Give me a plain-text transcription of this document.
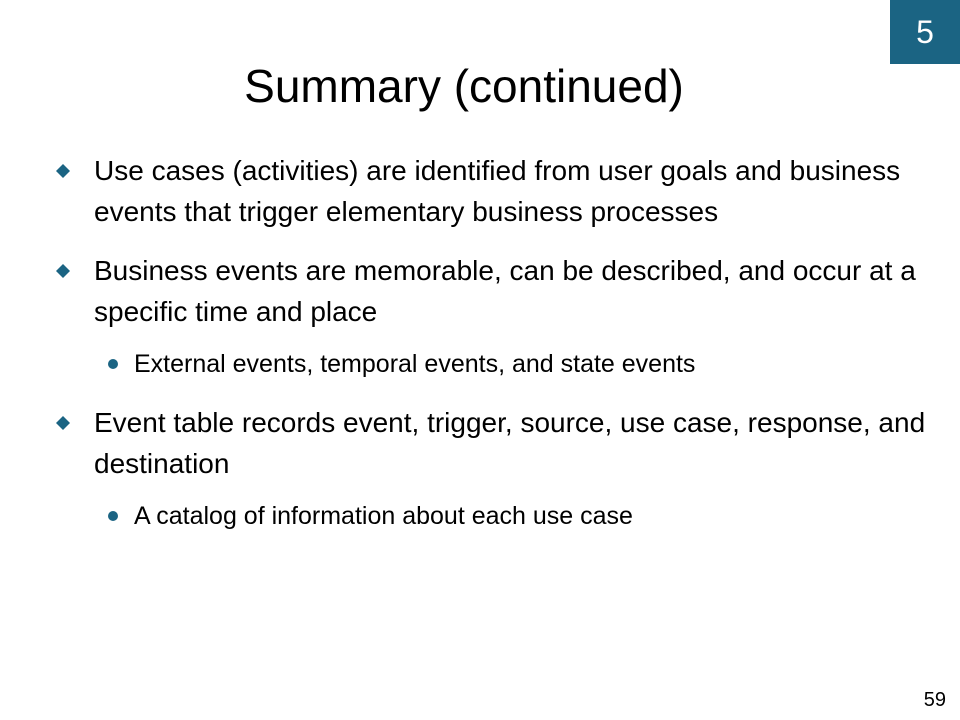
5
Summary (continued)
Use cases (activities) are identified from user goals and business events that trigger elementary business processes
Business events are memorable, can be described, and occur at a specific time and place
External events, temporal events, and state events
Event table records event, trigger, source, use case, response, and destination
A catalog of information about each use case
59
